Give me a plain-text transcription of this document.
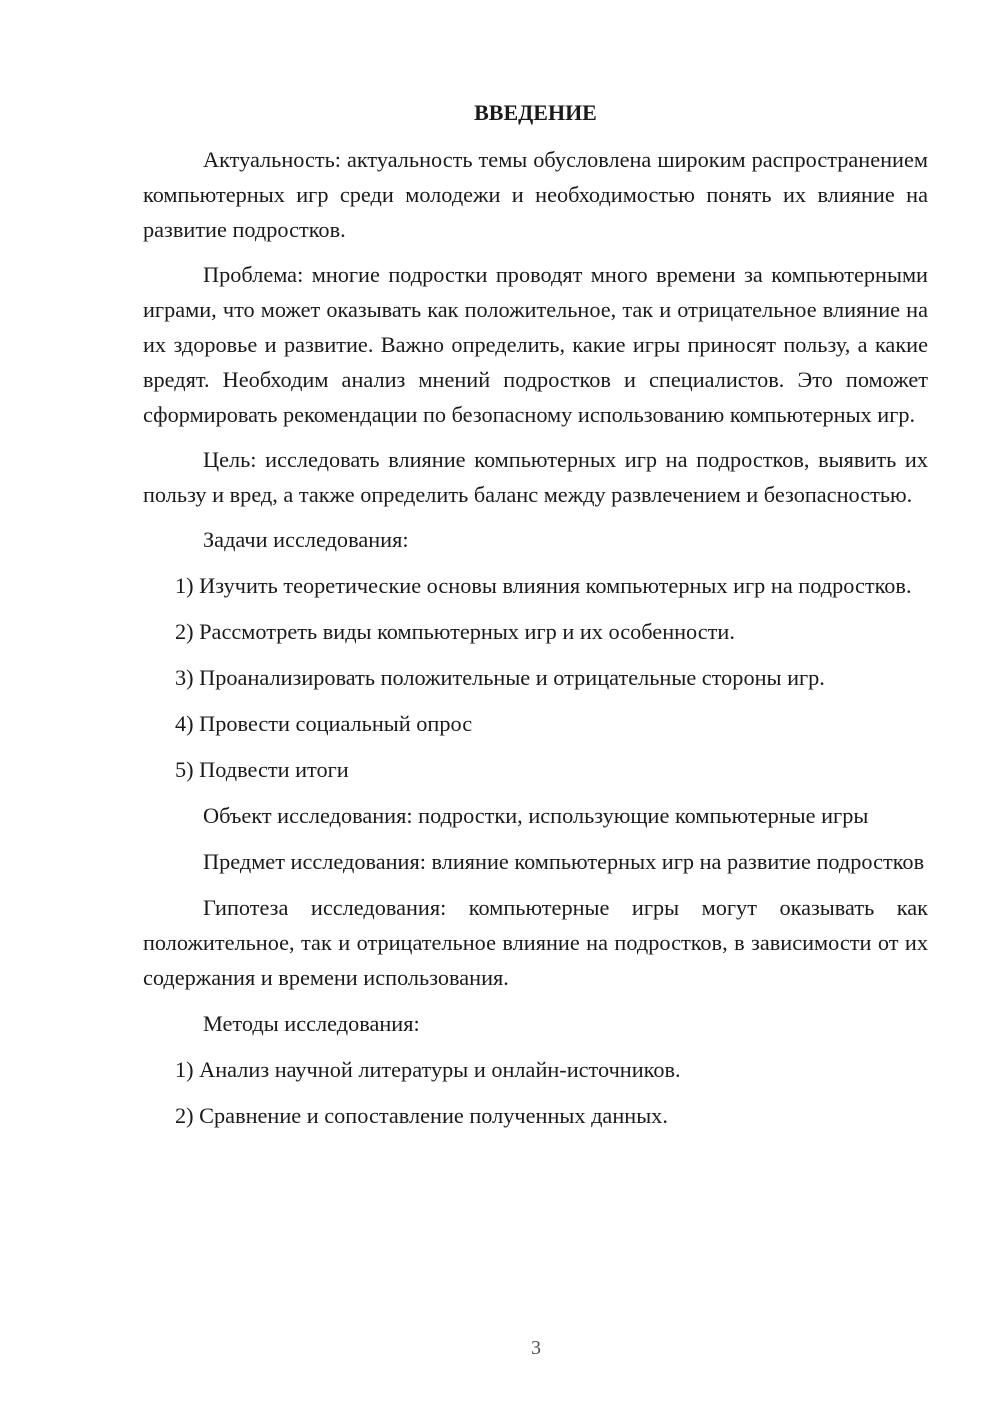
ВВЕДЕНИЕ

Актуальность: актуальность темы обусловлена широким распространением компьютерных игр среди молодежи и необходимостью понять их влияние на развитие подростков.

Проблема: многие подростки проводят много времени за компьютерными играми, что может оказывать как положительное, так и отрицательное влияние на их здоровье и развитие. Важно определить, какие игры приносят пользу, а какие вредят. Необходим анализ мнений подростков и специалистов. Это поможет сформировать рекомендации по безопасному использованию компьютерных игр.

Цель: исследовать влияние компьютерных игр на подростков, выявить их пользу и вред, а также определить баланс между развлечением и безопасностью.

Задачи исследования:

1) Изучить теоретические основы влияния компьютерных игр на подростков.

2) Рассмотреть виды компьютерных игр и их особенности.

3) Проанализировать положительные и отрицательные стороны игр.

4) Провести социальный опрос

5) Подвести итоги

Объект исследования: подростки, использующие компьютерные игры

Предмет исследования: влияние компьютерных игр на развитие подростков

Гипотеза исследования: компьютерные игры могут оказывать как положительное, так и отрицательное влияние на подростков, в зависимости от их содержания и времени использования.

Методы исследования:

1) Анализ научной литературы и онлайн-источников.

2) Сравнение и сопоставление полученных данных.

3
